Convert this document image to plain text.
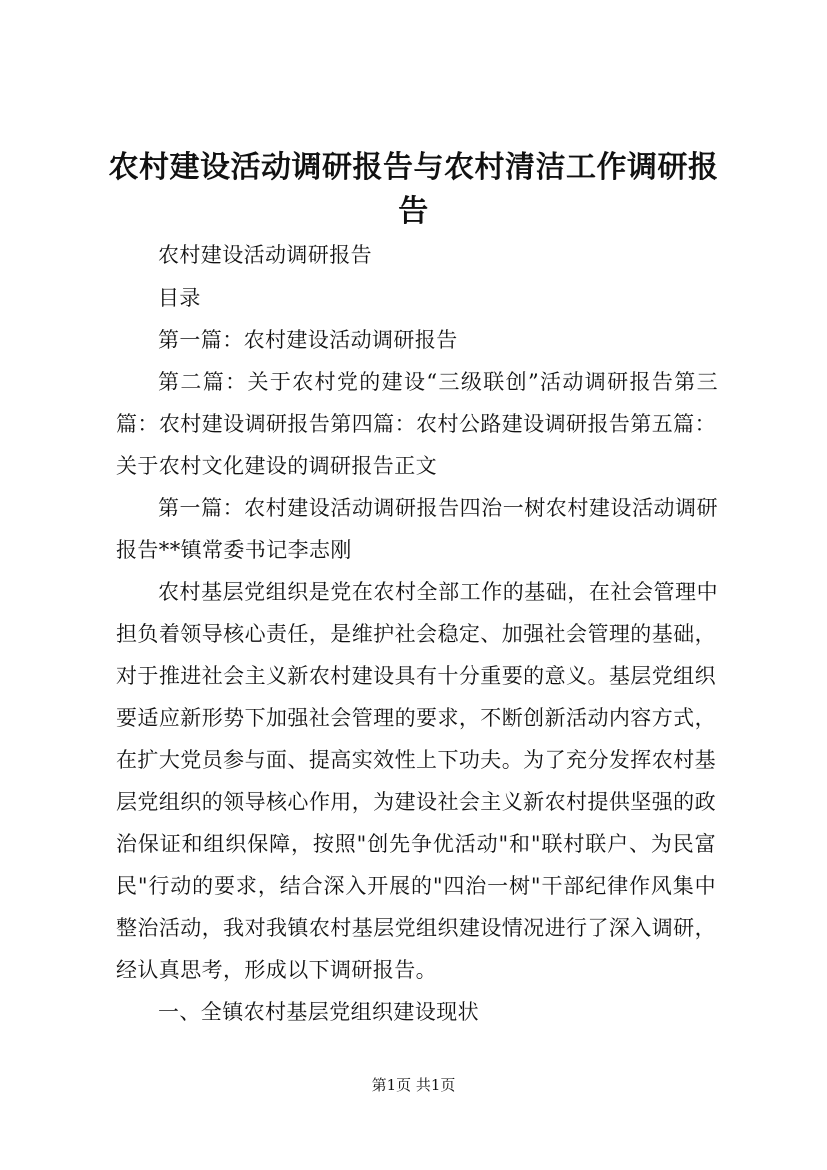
农村建设活动调研报告与农村清洁工作调研报
告

农村建设活动调研报告

目录

第一篇：农村建设活动调研报告

第二篇：关于农村党的建设“三级联创”活动调研报告第三

篇：农村建设调研报告第四篇：农村公路建设调研报告第五篇：

关于农村文化建设的调研报告正文

第一篇：农村建设活动调研报告四治一树农村建设活动调研

报告**镇常委书记李志刚

农村基层党组织是党在农村全部工作的基础，在社会管理中

担负着领导核心责任，是维护社会稳定、加强社会管理的基础，

对于推进社会主义新农村建设具有十分重要的意义。基层党组织

要适应新形势下加强社会管理的要求，不断创新活动内容方式，

在扩大党员参与面、提高实效性上下功夫。为了充分发挥农村基

层党组织的领导核心作用，为建设社会主义新农村提供坚强的政

治保证和组织保障，按照"创先争优活动"和"联村联户、为民富

民"行动的要求，结合深入开展的"四治一树"干部纪律作风集中

整治活动，我对我镇农村基层党组织建设情况进行了深入调研，

经认真思考，形成以下调研报告。

一、全镇农村基层党组织建设现状

第1页 共1页
